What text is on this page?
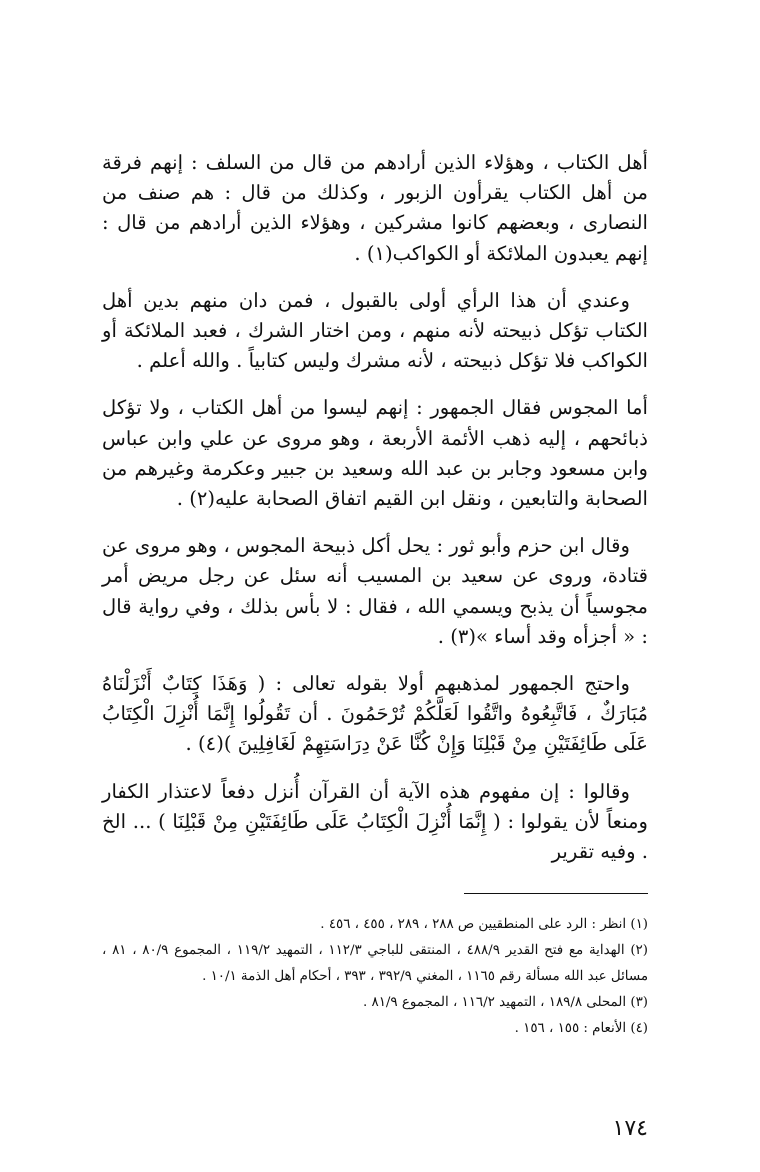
أهل الكتاب ، وهؤلاء الذين أرادهم من قال من السلف : إنهم فرقة من أهل الكتاب يقرأون الزبور ، وكذلك من قال : هم صنف من النصارى ، وبعضهم كانوا مشركين ، وهؤلاء الذين أرادهم من قال : إنهم يعبدون الملائكة أو الكواكب(١) .

وعندي أن هذا الرأي أولى بالقبول ، فمن دان منهم بدين أهل الكتاب تؤكل ذبيحته لأنه منهم ، ومن اختار الشرك ، فعبد الملائكة أو الكواكب فلا تؤكل ذبيحته ، لأنه مشرك وليس كتابياً . والله أعلم .

أما المجوس فقال الجمهور : إنهم ليسوا من أهل الكتاب ، ولا تؤكل ذبائحهم ، إليه ذهب الأئمة الأربعة ، وهو مروى عن علي وابن عباس وابن مسعود وجابر بن عبد الله وسعيد بن جبير وعكرمة وغيرهم من الصحابة والتابعين ، ونقل ابن القيم اتفاق الصحابة عليه(٢) .

وقال ابن حزم وأبو ثور : يحل أكل ذبيحة المجوس ، وهو مروى عن قتادة، وروى عن سعيد بن المسيب أنه سئل عن رجل مريض أمر مجوسياً أن يذبح ويسمي الله ، فقال : لا بأس بذلك ، وفي رواية قال : « أجزأه وقد أساء »(٣) .

واحتج الجمهور لمذهبهم أولا بقوله تعالى : ( وَهَذَا كِتَابٌ أَنْزَلْنَاهُ مُبَارَكٌ ، فَاتَّبِعُوهُ واتَّقُوا لَعَلَّكُمْ تُرْحَمُونَ . أن تَقُولُوا إِنَّمَا أُنْزِلَ الْكِتَابُ عَلَى طَائِفَتَيْنِ مِنْ قَبْلِنَا وَإِنْ كُنَّا عَنْ دِرَاسَتِهِمْ لَغَافِلِينَ )(٤) .

وقالوا : إن مفهوم هذه الآية أن القرآن أُنزل دفعاً لاعتذار الكفار ومنعاً لأن يقولوا : ( إِنَّمَا أُنْزِلَ الْكِتَابُ عَلَى طَائِفَتَيْنِ مِنْ قَبْلِنَا ) ... الخ . وفيه تقرير

(١) انظر : الرد على المنطقيين ص ٢٨٨ ، ٢٨٩ ، ٤٥٥ ، ٤٥٦ .

(٢) الهداية مع فتح القدير ٤٨٨/٩ ، المنتقى للباجي ١١٢/٣ ، التمهيد ١١٩/٢ ، المجموع ٨٠/٩ ، ٨١ ، مسائل عبد الله مسألة رقم ١١٦٥ ، المغني ٣٩٢/٩ ، ٣٩٣ ، أحكام أهل الذمة ١٠/١ .

(٣) المحلى ١٨٩/٨ ، التمهيد ١١٦/٢ ، المجموع ٨١/٩ .

(٤) الأنعام : ١٥٥ ، ١٥٦ .

١٧٤
